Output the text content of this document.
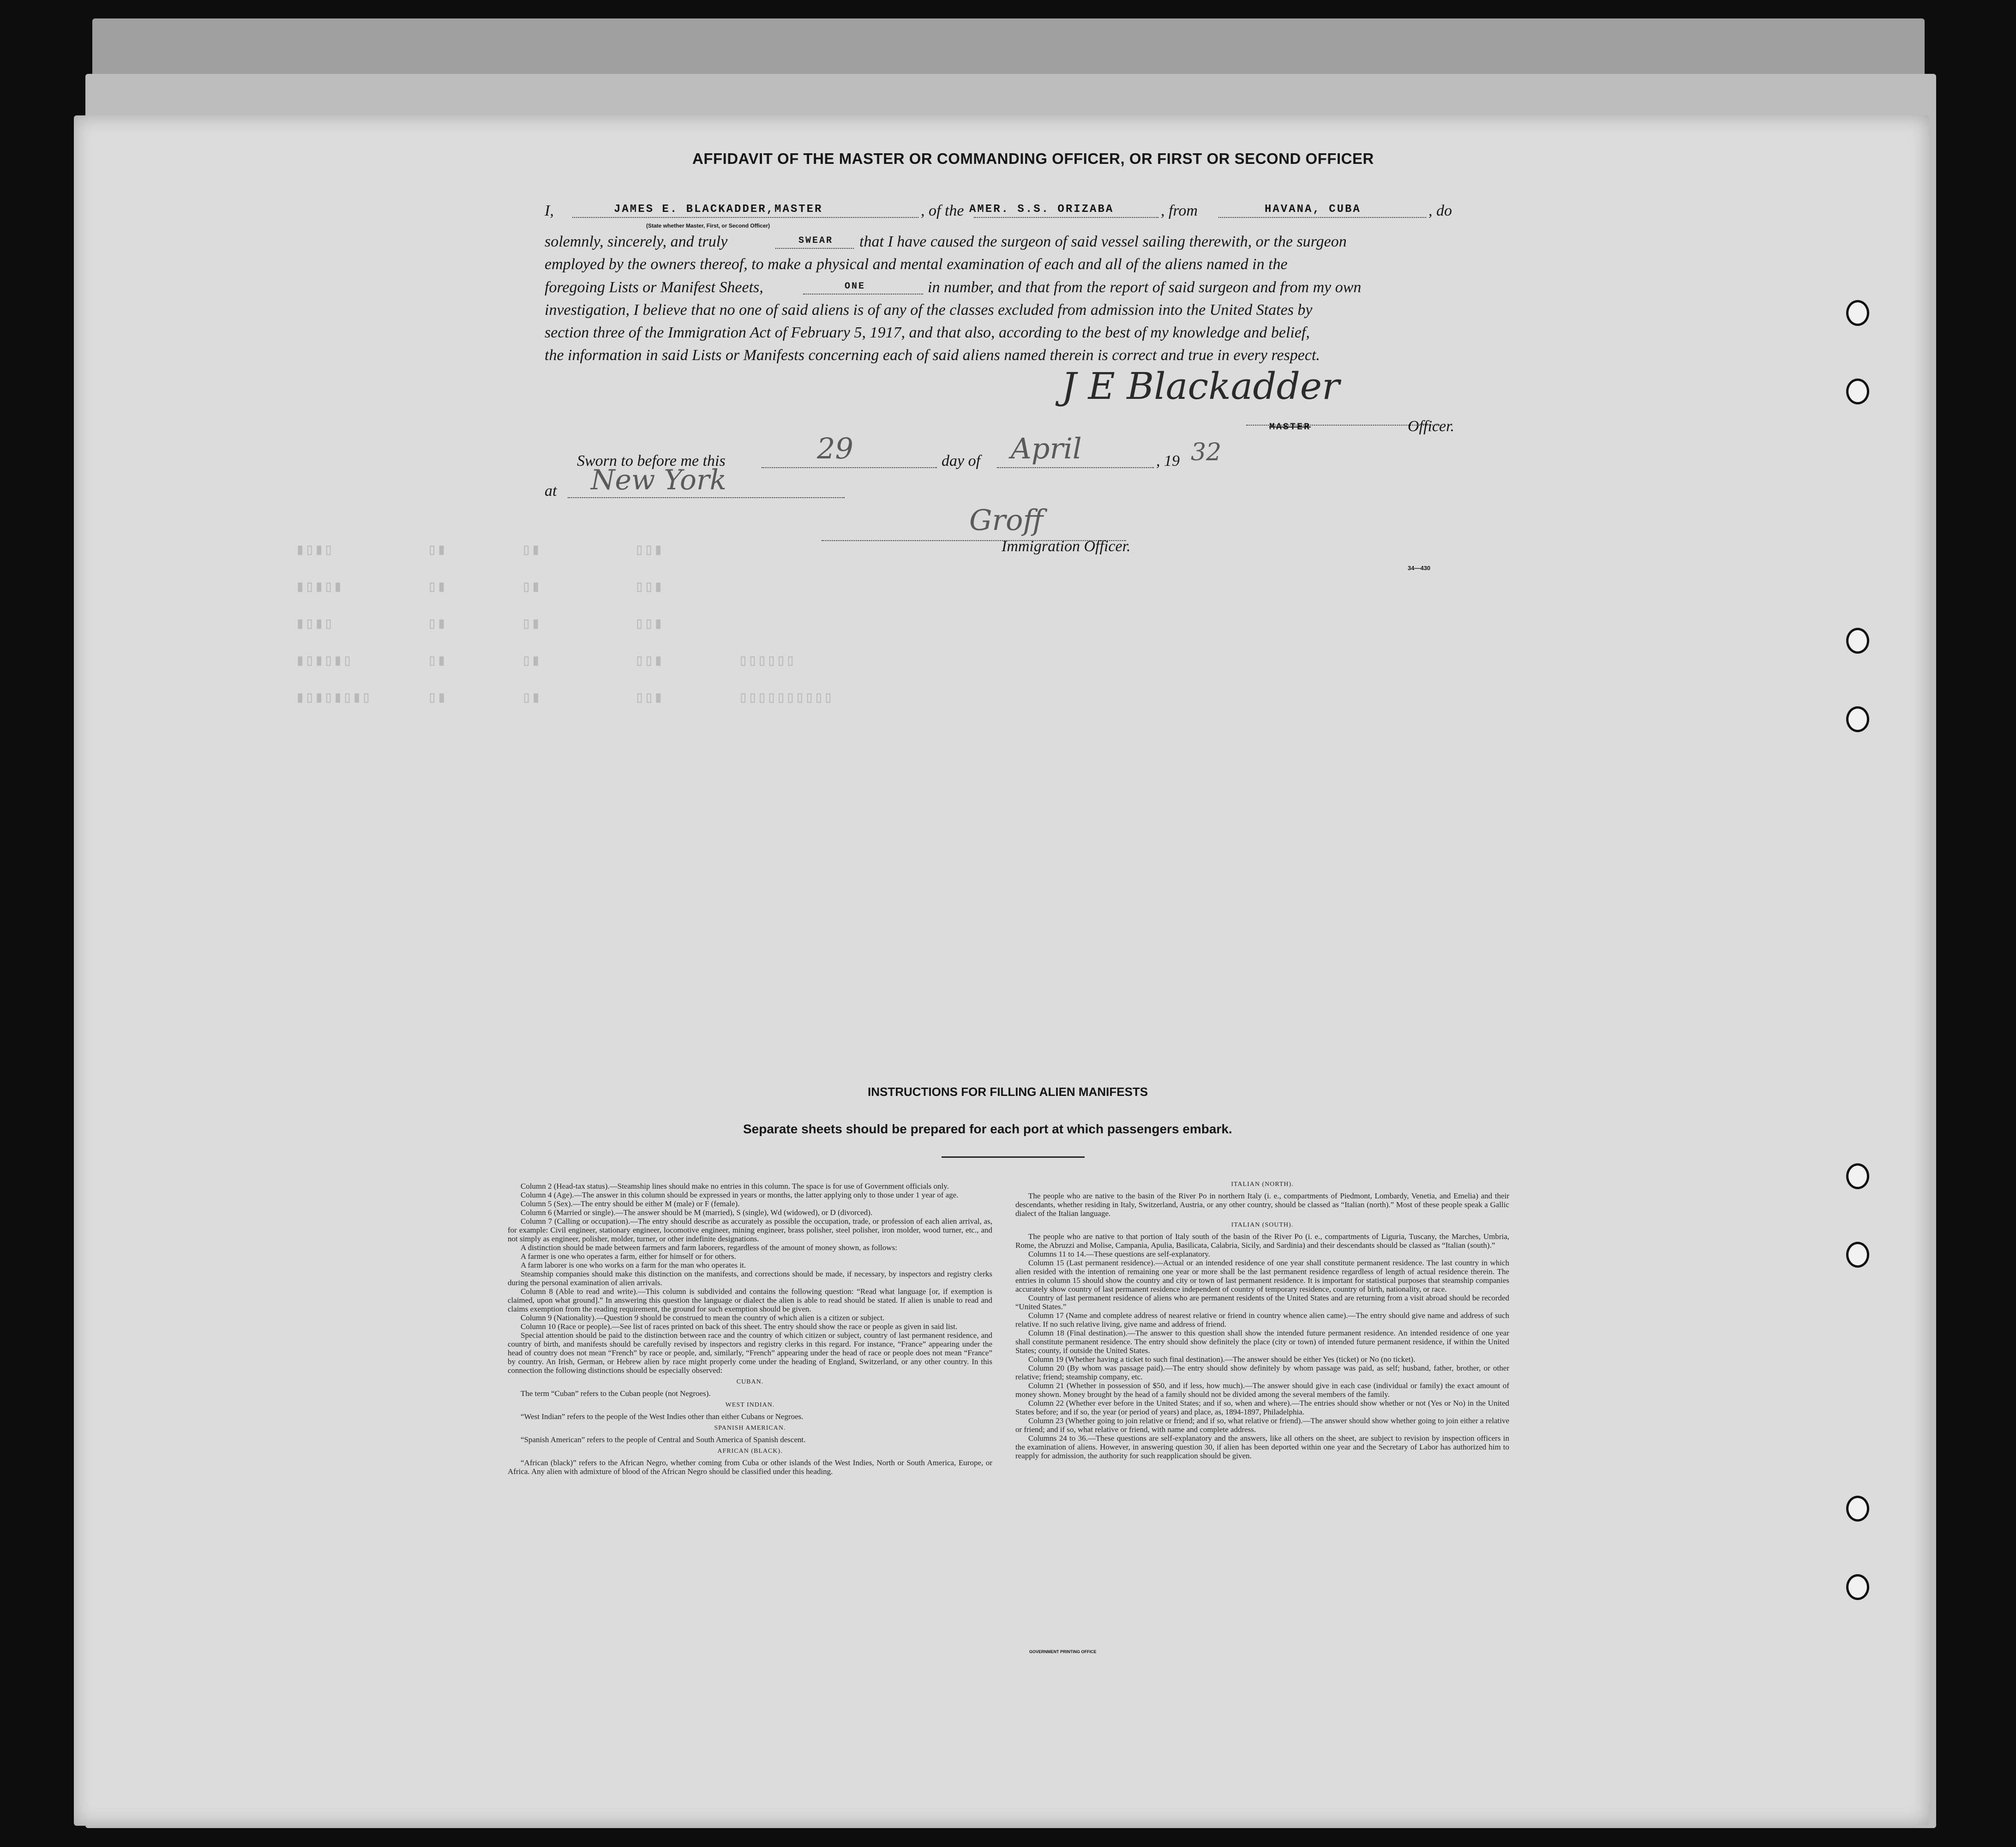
▮▯▮▯          ▯▮        ▯▮          ▯▯▮
▮▯▮▯▮         ▯▮        ▯▮          ▯▯▮
▮▯▮▯          ▯▮        ▯▮          ▯▯▮
▮▯▮▯▮▯        ▯▮        ▯▮          ▯▯▮        ▯▯▯▯▯▯
▮▯▮▯▮▯▮▯      ▯▮        ▯▮          ▯▯▮        ▯▯▯▯▯▯▯▯▯▯
AFFIDAVIT OF THE MASTER OR COMMANDING OFFICER, OR FIRST OR SECOND OFFICER
I,	JAMES E. BLACKADDER,MASTER
(State whether Master, First, or Second Officer)
, of the AMER. S.S. ORIZABA	, from	HAVANA, CUBA	, do
solemnly, sincerely, and truly	SWEAR that I have caused the surgeon of said vessel sailing therewith, or the surgeon
employed by the owners thereof, to make a physical and mental examination of each and all of the aliens named in the
foregoing Lists or Manifest Sheets,	ONE	in number, and that from the report of said surgeon and from my own
investigation, I believe that no one of said aliens is of any of the classes excluded from admission into the United States by
section three of the Immigration Act of February 5, 1917, and that also, according to the best of my knowledge and belief,
the information in said Lists or Manifests concerning each of said aliens named therein is correct and true in every respect.
J E Blackadder
MASTER	Officer.
Sworn to before me this	29	day of April	, 19 32
at New York
Groff
Immigration Officer.
34—430
INSTRUCTIONS FOR FILLING ALIEN MANIFESTS
Separate sheets should be prepared for each port at which passengers embark.

Column 2 (Head-tax status).—Steamship lines should make no entries in this column. The space is for use of Government officials only.

Column 4 (Age).—The answer in this column should be expressed in years or months, the latter applying only to those under 1 year of age.

Column 5 (Sex).—The entry should be either M (male) or F (female).

Column 6 (Married or single).—The answer should be M (married), S (single), Wd (widowed), or D (divorced).

Column 7 (Calling or occupation).—The entry should describe as accurately as possible the occupation, trade, or profession of each alien arrival, as, for example: Civil engineer, stationary engineer, locomotive engineer, mining engineer, brass polisher, steel polisher, iron molder, wood turner, etc., and not simply as engineer, polisher, molder, turner, or other indefinite designations.

A distinction should be made between farmers and farm laborers, regardless of the amount of money shown, as follows:

A farmer is one who operates a farm, either for himself or for others.

A farm laborer is one who works on a farm for the man who operates it.

Steamship companies should make this distinction on the manifests, and corrections should be made, if necessary, by inspectors and registry clerks during the personal examination of alien arrivals.

Column 8 (Able to read and write).—This column is subdivided and contains the following question: “Read what language [or, if exemption is claimed, upon what ground].” In answering this question the language or dialect the alien is able to read should be stated. If alien is unable to read and claims exemption from the reading requirement, the ground for such exemption should be given.

Column 9 (Nationality).—Question 9 should be construed to mean the country of which alien is a citizen or subject.

Column 10 (Race or people).—See list of races printed on back of this sheet. The entry should show the race or people as given in said list.

Special attention should be paid to the distinction between race and the country of which citizen or subject, country of last permanent residence, and country of birth, and manifests should be carefully revised by inspectors and registry clerks in this regard. For instance, “France” appearing under the head of country does not mean “French” by race or people, and, similarly, “French” appearing under the head of race or people does not mean “France” by country. An Irish, German, or Hebrew alien by race might properly come under the heading of England, Switzerland, or any other country. In this connection the following distinctions should be especially observed:

CUBAN.

The term “Cuban” refers to the Cuban people (not Negroes).

WEST INDIAN.

“West Indian” refers to the people of the West Indies other than either Cubans or Negroes.

SPANISH AMERICAN.

“Spanish American” refers to the people of Central and South America of Spanish descent.

AFRICAN (BLACK).

“African (black)” refers to the African Negro, whether coming from Cuba or other islands of the West Indies, North or South America, Europe, or Africa. Any alien with admixture of blood of the African Negro should be classified under this heading.

ITALIAN (NORTH).

The people who are native to the basin of the River Po in northern Italy (i. e., compartments of Piedmont, Lombardy, Venetia, and Emelia) and their descendants, whether residing in Italy, Switzerland, Austria, or any other country, should be classed as “Italian (north).” Most of these people speak a Gallic dialect of the Italian language.

ITALIAN (SOUTH).

The people who are native to that portion of Italy south of the basin of the River Po (i. e., compartments of Liguria, Tuscany, the Marches, Umbria, Rome, the Abruzzi and Molise, Campania, Apulia, Basilicata, Calabria, Sicily, and Sardinia) and their descendants should be classed as “Italian (south).”

Columns 11 to 14.—These questions are self-explanatory.

Column 15 (Last permanent residence).—Actual or an intended residence of one year shall constitute permanent residence. The last country in which alien resided with the intention of remaining one year or more shall be the last permanent residence regardless of length of actual residence therein. The entries in column 15 should show the country and city or town of last permanent residence. It is important for statistical purposes that steamship companies accurately show country of last permanent residence independent of country of temporary residence, country of birth, nationality, or race.

Country of last permanent residence of aliens who are permanent residents of the United States and are returning from a visit abroad should be recorded “United States.”

Column 17 (Name and complete address of nearest relative or friend in country whence alien came).—The entry should give name and address of such relative. If no such relative living, give name and address of friend.

Column 18 (Final destination).—The answer to this question shall show the intended future permanent residence. An intended residence of one year shall constitute permanent residence. The entry should show definitely the place (city or town) of intended future permanent residence, if within the United States; county, if outside the United States.

Column 19 (Whether having a ticket to such final destination).—The answer should be either Yes (ticket) or No (no ticket).

Column 20 (By whom was passage paid).—The entry should show definitely by whom passage was paid, as self; husband, father, brother, or other relative; friend; steamship company, etc.

Column 21 (Whether in possession of $50, and if less, how much).—The answer should give in each case (individual or family) the exact amount of money shown. Money brought by the head of a family should not be divided among the several members of the family.

Column 22 (Whether ever before in the United States; and if so, when and where).—The entries should show whether or not (Yes or No) in the United States before; and if so, the year (or period of years) and place, as, 1894-1897, Philadelphia.

Column 23 (Whether going to join relative or friend; and if so, what relative or friend).—The answer should show whether going to join either a relative or friend; and if so, what relative or friend, with name and complete address.

Columns 24 to 36.—These questions are self-explanatory and the answers, like all others on the sheet, are subject to revision by inspection officers in the examination of aliens. However, in answering question 30, if alien has been deported within one year and the Secretary of Labor has authorized him to reapply for admission, the authority for such reapplication should be given.

GOVERNMENT PRINTING OFFICE
